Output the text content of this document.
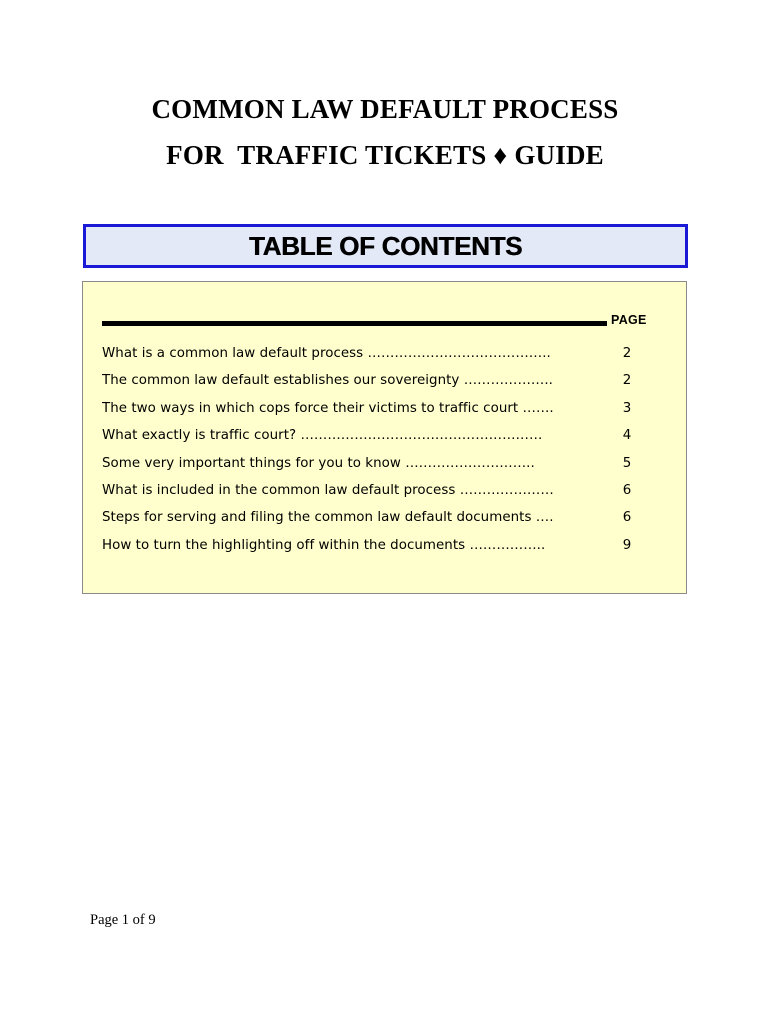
COMMON LAW DEFAULT PROCESS
FOR  TRAFFIC TICKETS ♦ GUIDE
TABLE OF CONTENTS
PAGE
What is a common law default process …………………………………..	2
The common law default establishes our sovereignty ………………..	2
The two ways in which cops force their victims to traffic court …….	3
What exactly is traffic court? ………………………………………………	4
Some very important things for you to know ………………………..	5
What is included in the common law default process …………………	6
Steps for serving and filing the common law default documents ….	6
How to turn the highlighting off within the documents ……………..	9
Page 1 of 9
